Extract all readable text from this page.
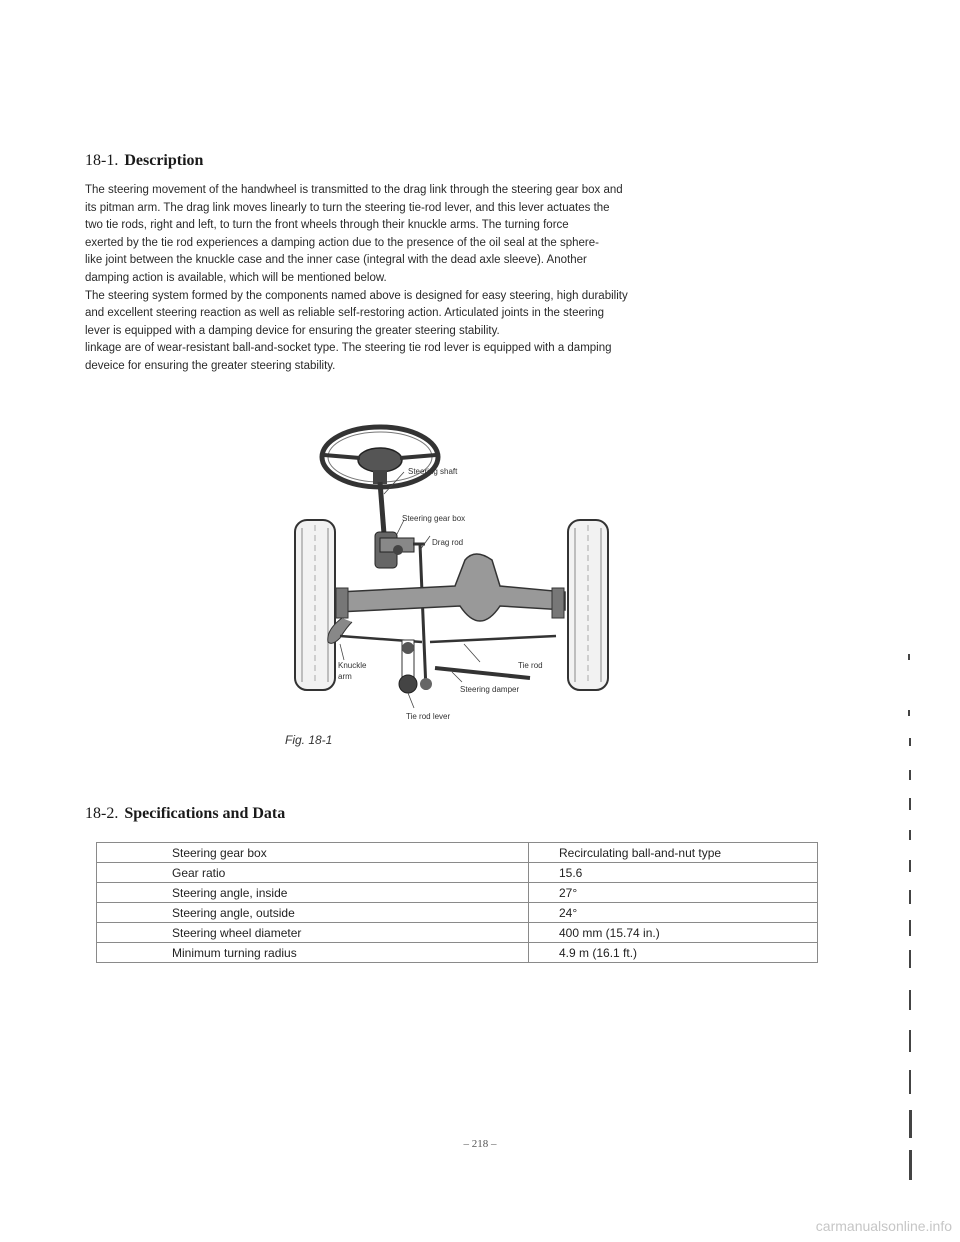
18-1. Description
The steering movement of the handwheel is transmitted to the drag link through the steering gear box and
its pitman arm. The drag link moves linearly to turn the steering tie-rod lever, and this lever actuates the
two tie rods, right and left, to turn the front wheels through their knuckle arms. The turning force
exerted by the tie rod experiences a damping action due to the presence of the oil seal at the sphere-
like joint between the knuckle case and the inner case (integral with the dead axle sleeve). Another
damping action is available, which will be mentioned below.
The steering system formed by the components named above is designed for easy steering, high durability
and excellent steering reaction as well as reliable self-restoring action. Articulated joints in the steering
lever is equipped with a damping device for ensuring the greater steering stability.
linkage are of wear-resistant ball-and-socket type. The steering tie rod lever is equipped with a damping
deveice for ensuring the greater steering stability.
Steering shaft
Steering gear box
Drag rod
Knuckle
arm
Tie rod
Steering damper
Tie rod lever
Fig. 18-1
18-2. Specifications and Data
Steering gear box	Recirculating ball-and-nut type
Gear ratio	15.6
Steering angle, inside	27°
Steering angle, outside	24°
Steering wheel diameter	400 mm (15.74 in.)
Minimum turning radius	4.9 m (16.1 ft.)
– 218 –
carmanualsonline.info
